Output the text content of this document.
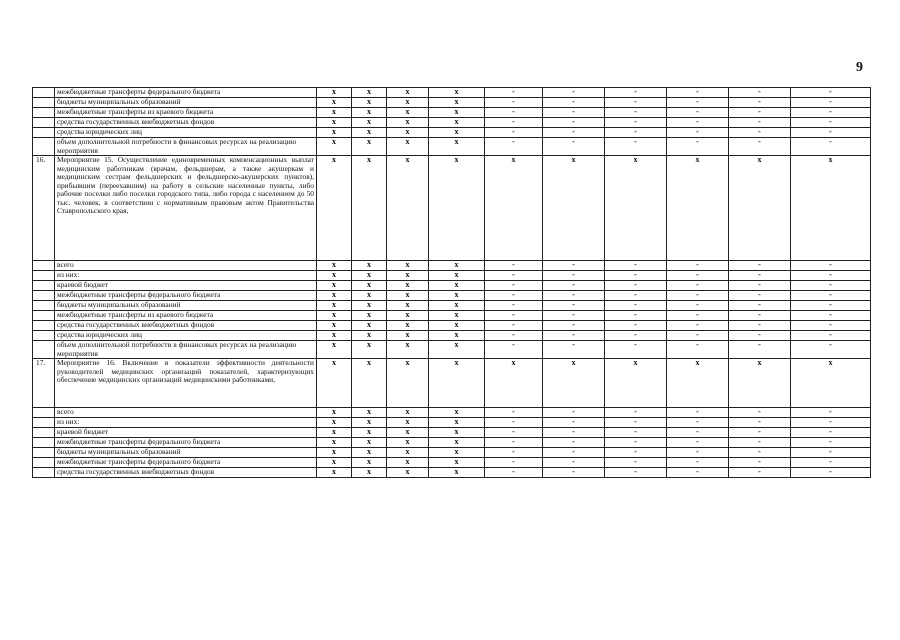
9
	межбюджетные трансферты федерального бюджета	x	x	x	x	-	-	-	-	-	-
	бюджеты муниципальных образований	x	x	x	x	-	-	-	-	-	-
	межбюджетные трансферты из краевого бюджета	x	x	x	x	-	-	-	-	-	-
	средства государственных внебюджетных фондов	x	x	x	x	-	-	-	-	-	-
	средства юридических лиц	x	x	x	x	-	-	-	-	-	-
	объем дополнительной потребности в финансовых ресурсах на реализацию мероприятия	x	x	x	x	-	-	-	-	-	-
16.	Мероприятие 15. Осуществление единовременных компенсационных выплат медицинским работникам (врачам, фельдшерам, а также акушеркам и медицинским сестрам фельдшерских и фельдшерско-акушерских пунктов), прибывшим (переехавшим) на работу в сельские населенные пункты, либо рабочие поселки либо поселки городского типа, либо города с населением до 50 тыс. человек, в соответствии с нормативным правовым актом Правительства Ставропольского края,	x	x	x	x	x	x	x	x	x	x
	всего	x	x	x	x	-	-	-	-	-	-
	из них:	x	x	x	x	-	-	-	-	-	-
	краевой бюджет	x	x	x	x	-	-	-	-	-	-
	межбюджетные трансферты федерального бюджета	x	x	x	x	-	-	-	-	-	-
	бюджеты муниципальных образований	x	x	x	x	-	-	-	-	-	-
	межбюджетные трансферты из краевого бюджета	x	x	x	x	-	-	-	-	-	-
	средства государственных внебюджетных фондов	x	x	x	x	-	-	-	-	-	-
	средства юридических лиц	x	x	x	x	-	-	-	-	-	-
	объем дополнительной потребности в финансовых ресурсах на реализацию мероприятия	x	x	x	x	-	-	-	-	-	-
17.	Мероприятие 16. Включение в показатели эффективности деятельности руководителей медицинских организаций показателей, характеризующих обеспечение медицинских организаций медицинскими работниками,	x	x	x	x	x	x	x	x	x	x
	всего	x	x	x	x	-	-	-	-	-	-
	из них:	x	x	x	x	-	-	-	-	-	-
	краевой бюджет	x	x	x	x	-	-	-	-	-	-
	межбюджетные трансферты федерального бюджета	x	x	x	x	-	-	-	-	-	-
	бюджеты муниципальных образований	x	x	x	x	-	-	-	-	-	-
	межбюджетные трансферты федерального бюджета	x	x	x	x	-	-	-	-	-	-
	средства государственных внебюджетных фондов	x	x	x	x	-	-	-	-	-	-
